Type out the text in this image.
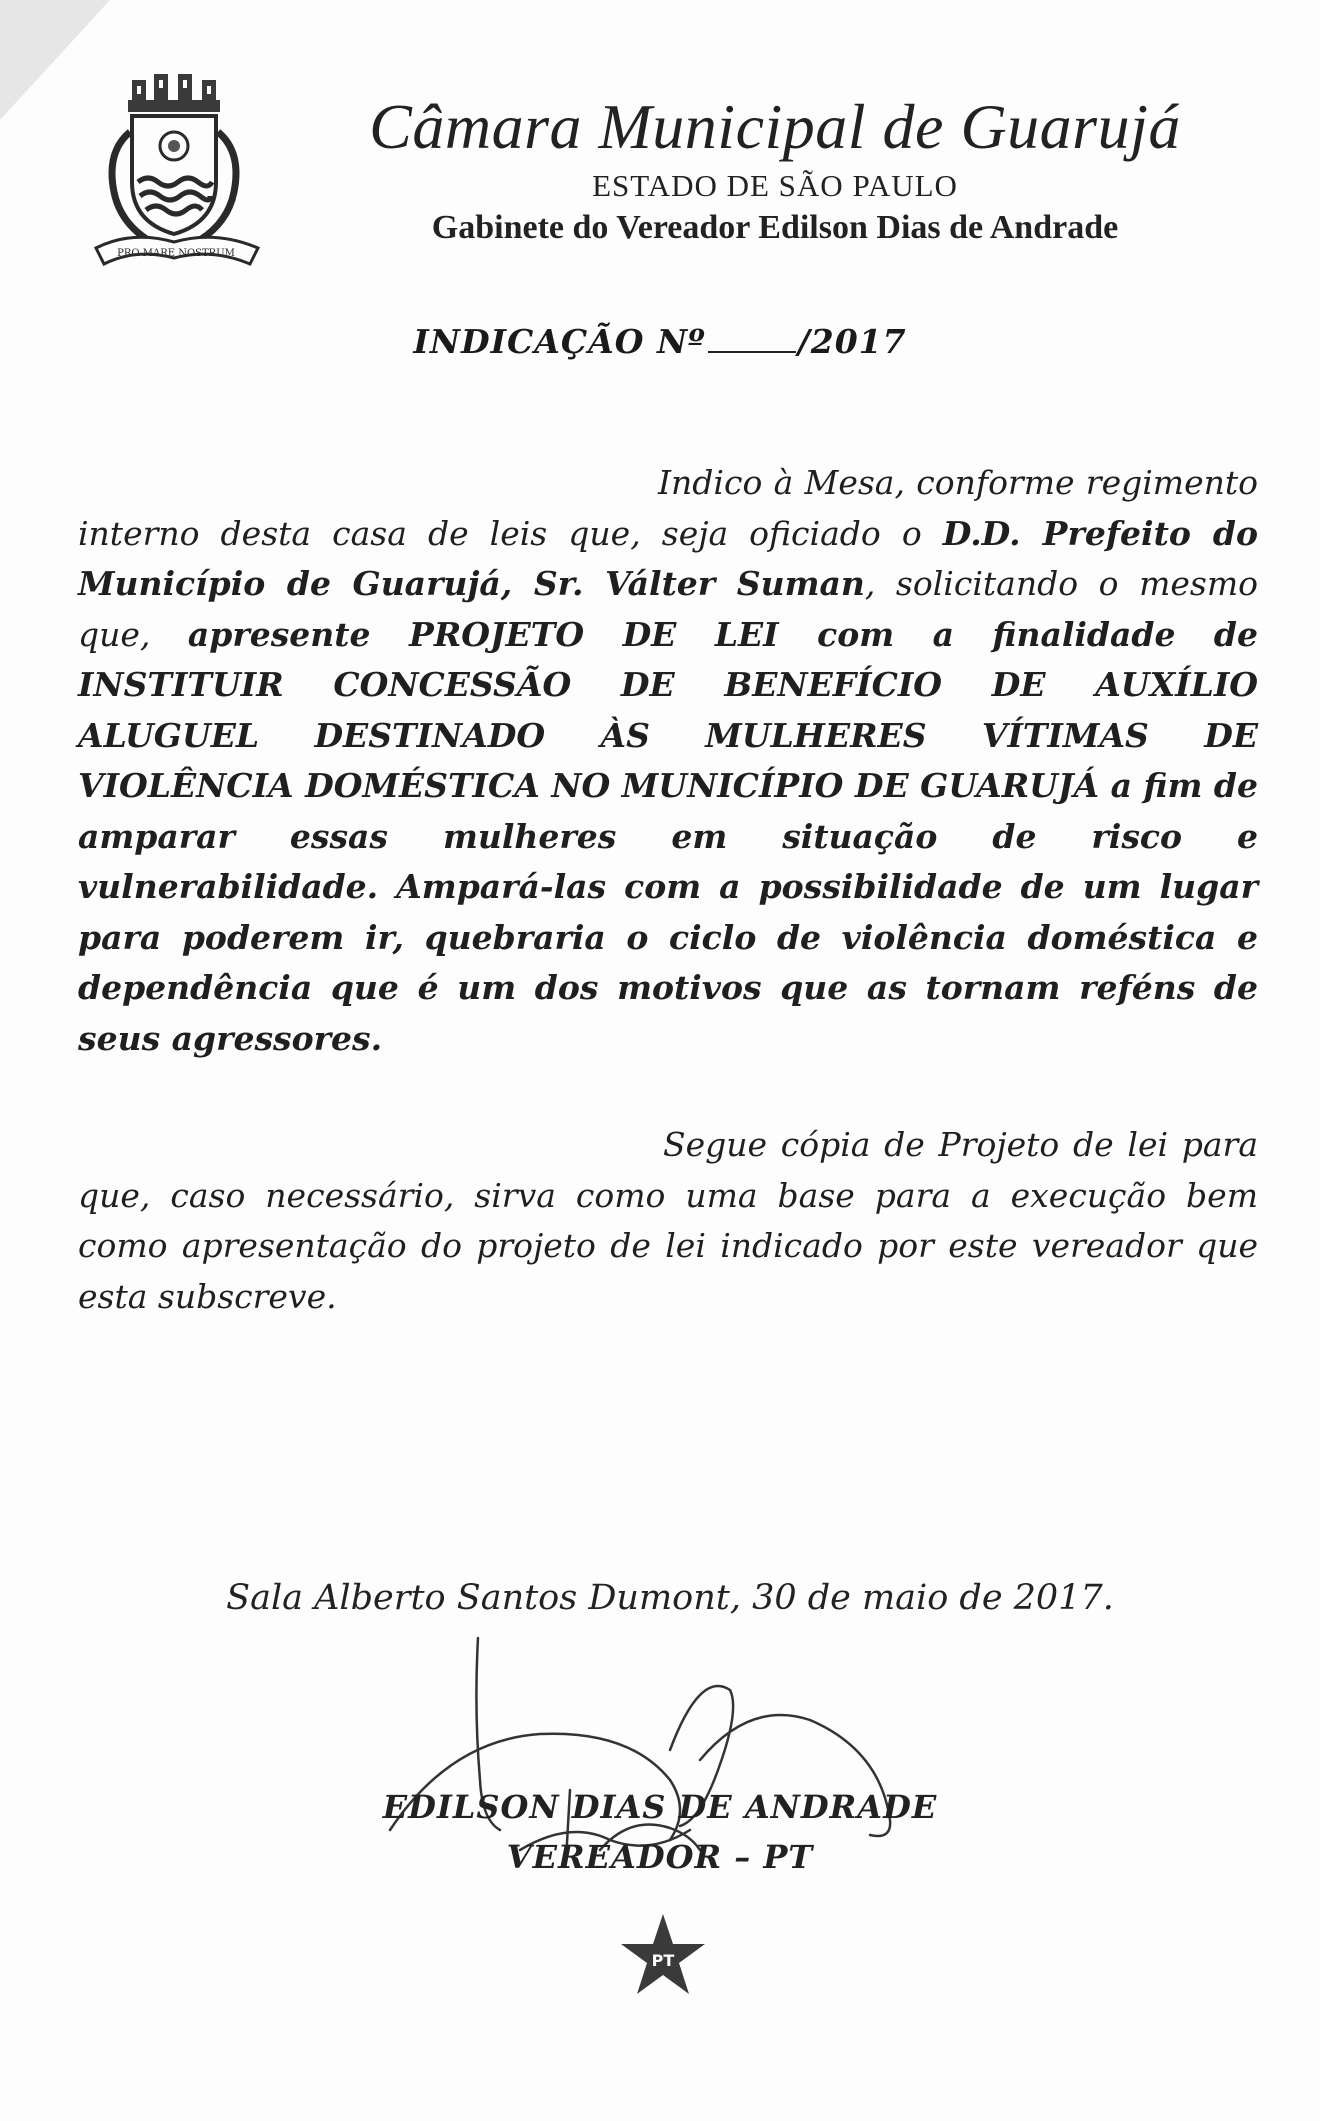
PRO MARE NOSTRUM
Câmara Municipal de Guarujá
ESTADO DE SÃO PAULO
Gabinete do Vereador Edilson Dias de Andrade
INDICAÇÃO Nº	/2017
Indico à Mesa, conforme regimento interno desta casa de leis que, seja oficiado o D.D. Prefeito do Município de Guarujá, Sr. Válter Suman, solicitando o mesmo que, apresente PROJETO DE LEI com a finalidade de INSTITUIR CONCESSÃO DE BENEFÍCIO DE AUXÍLIO ALUGUEL DESTINADO ÀS MULHERES VÍTIMAS DE VIOLÊNCIA DOMÉSTICA NO MUNICÍPIO DE GUARUJÁ a fim de amparar essas mulheres em situação de risco e vulnerabilidade. Ampará-las com a possibilidade de um lugar para poderem ir, quebraria o ciclo de violência doméstica e dependência que é um dos motivos que as tornam reféns de seus agressores.
Segue cópia de Projeto de lei para que, caso necessário, sirva como uma base para a execução bem como apresentação do projeto de lei indicado por este vereador que esta subscreve.
Sala Alberto Santos Dumont, 30 de maio de 2017.
EDILSON DIAS DE ANDRADE
VEREADOR – PT
PT
